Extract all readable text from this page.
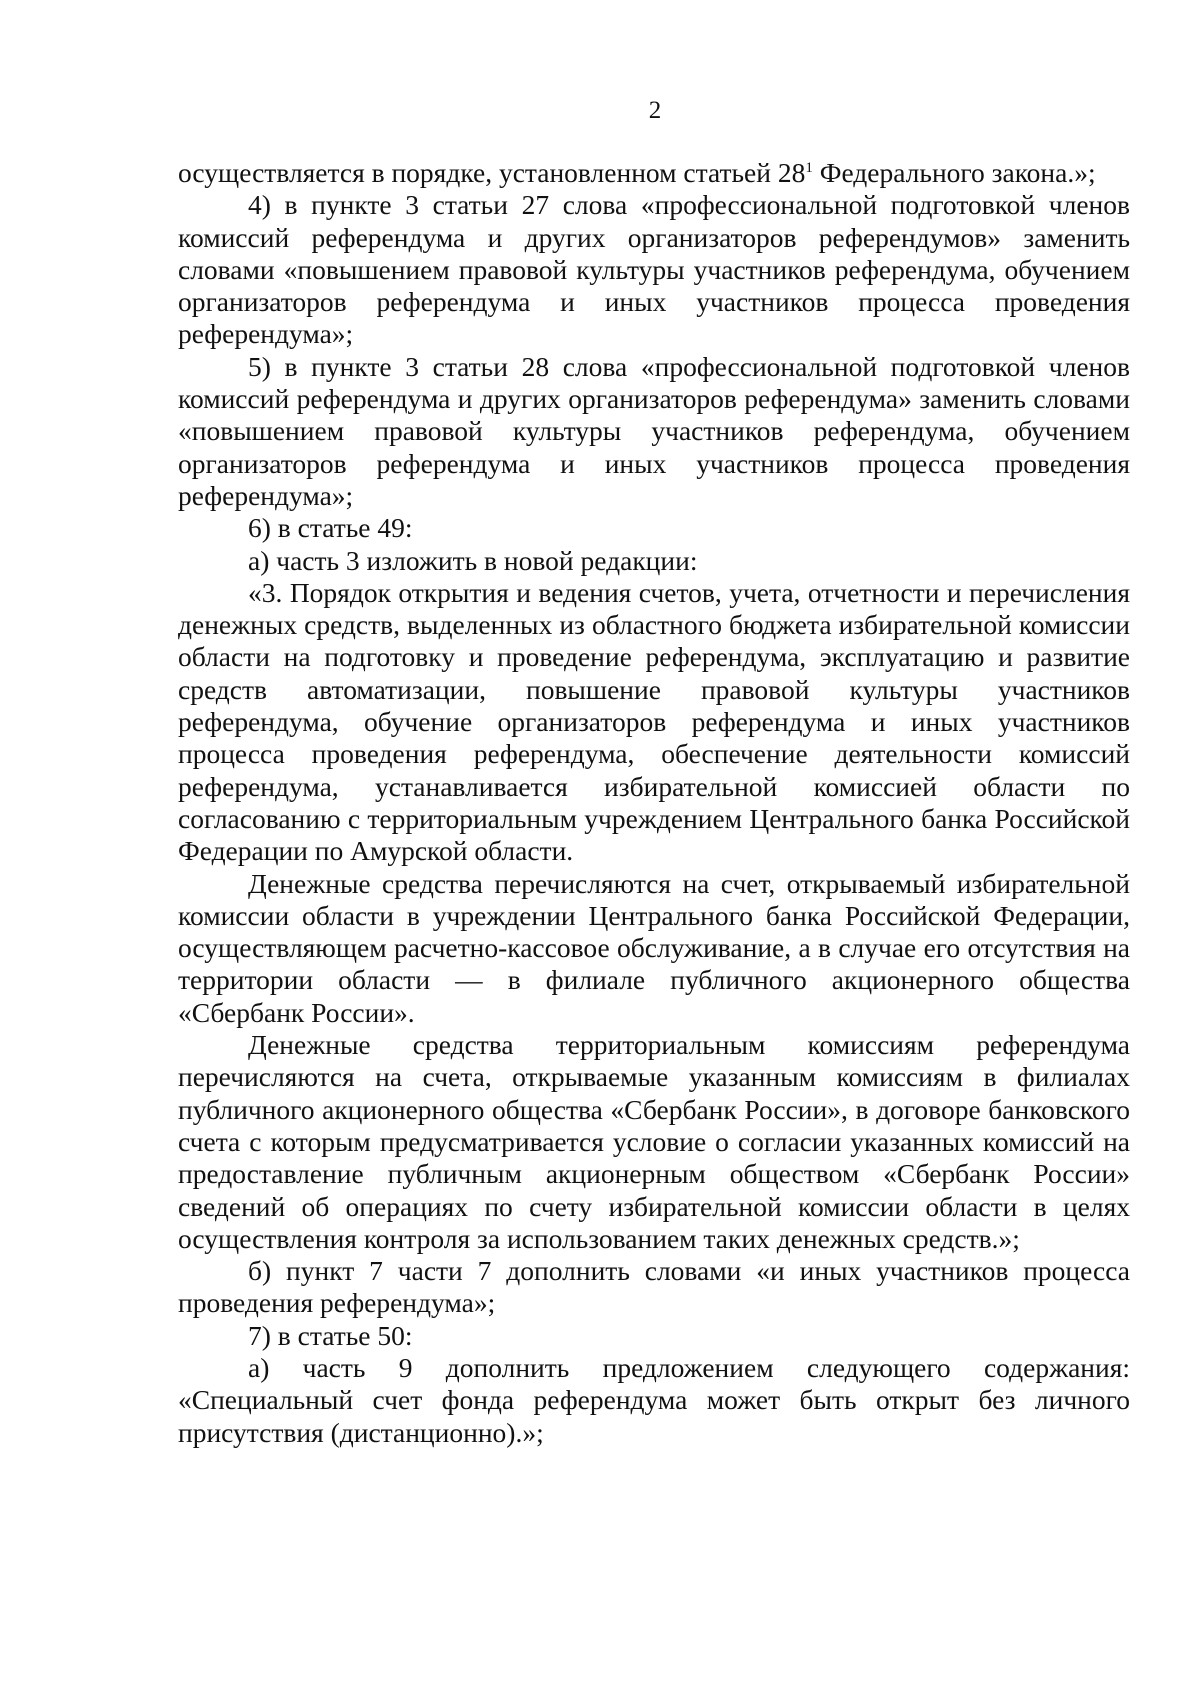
2

осуществляется в порядке, установленном статьей $28^1$ Федерального закона.»;

4) в пункте 3 статьи 27 слова «профессиональной подготовкой членов комиссий референдума и других организаторов референдумов» заменить словами «повышением правовой культуры участников референдума, обучением организаторов референдума и иных участников процесса проведения референдума»;

5) в пункте 3 статьи 28 слова «профессиональной подготовкой членов комиссий референдума и других организаторов референдума» заменить словами «повышением правовой культуры участников референдума, обучением организаторов референдума и иных участников процесса проведения референдума»;

6) в статье 49:

а) часть 3 изложить в новой редакции:

«3. Порядок открытия и ведения счетов, учета, отчетности и перечисления денежных средств, выделенных из областного бюджета избирательной комиссии области на подготовку и проведение референдума, эксплуатацию и развитие средств автоматизации, повышение правовой культуры участников референдума, обучение организаторов референдума и иных участников процесса проведения референдума, обеспечение деятельности комиссий референдума, устанавливается избирательной комиссией области по согласованию с территориальным учреждением Центрального банка Российской Федерации по Амурской области.

Денежные средства перечисляются на счет, открываемый избирательной комиссии области в учреждении Центрального банка Российской Федерации, осуществляющем расчетно-кассовое обслуживание, а в случае его отсутствия на территории области — в филиале публичного акционерного общества «Сбербанк России».

Денежные средства территориальным комиссиям референдума перечисляются на счета, открываемые указанным комиссиям в филиалах публичного акционерного общества «Сбербанк России», в договоре банковского счета с которым предусматривается условие о согласии указанных комиссий на предоставление публичным акционерным обществом «Сбербанк России» сведений об операциях по счету избирательной комиссии области в целях осуществления контроля за использованием таких денежных средств.»;

б) пункт 7 части 7 дополнить словами «и иных участников процесса проведения референдума»;

7) в статье 50:

а) часть 9 дополнить предложением следующего содержания: «Специальный счет фонда референдума может быть открыт без личного присутствия (дистанционно).»;
